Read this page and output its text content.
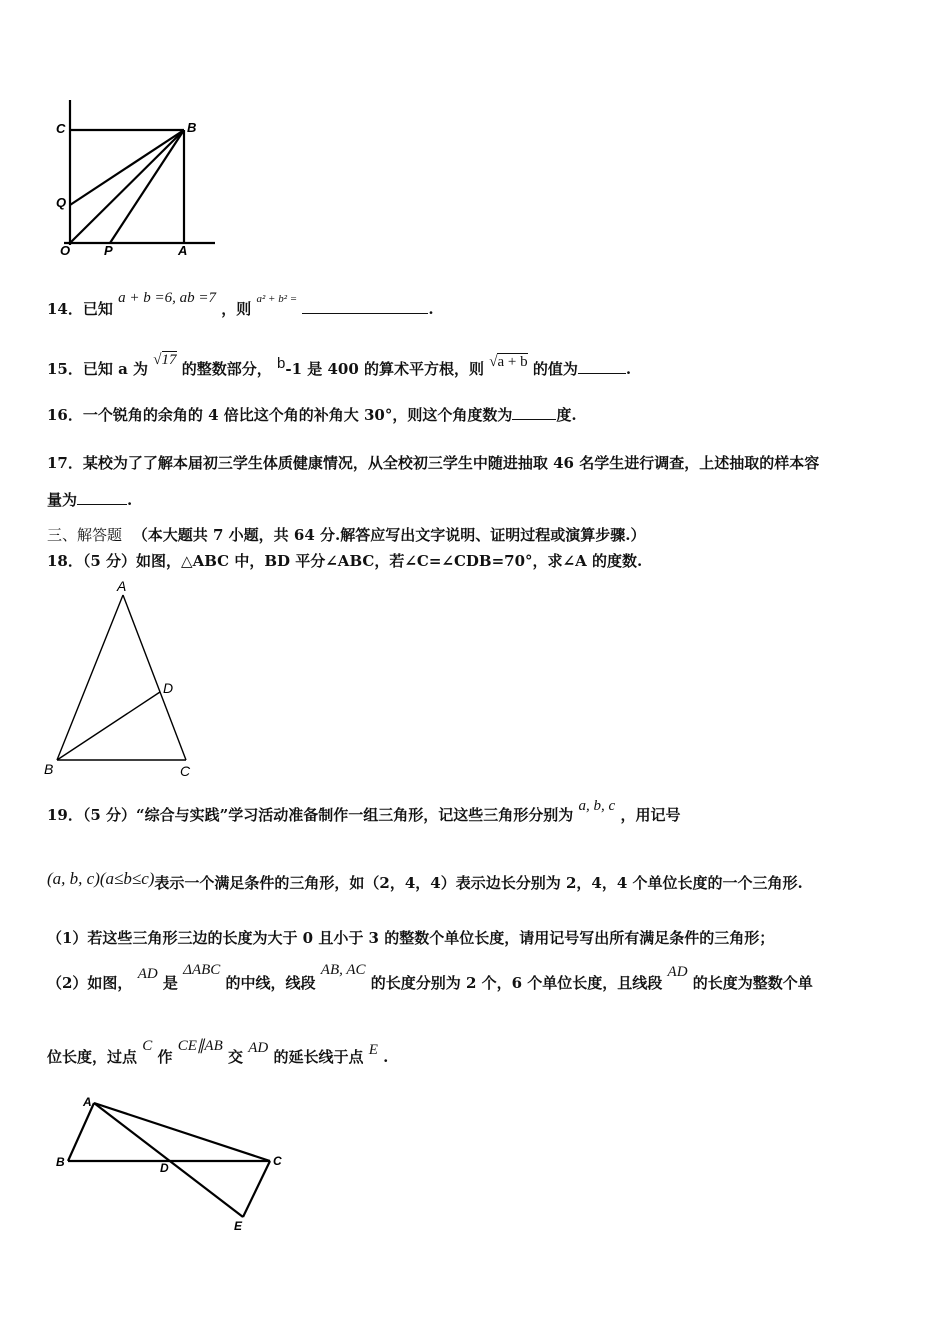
C	B
Q
O	P	A
14．已知 a + b =6, ab =7 ，则 $^{a^2 + b^2 =}$ .
15．已知 a 为 √17 的整数部分， b-1 是 400 的算术平方根，则 √a + b 的值为	.
16．一个锐角的余角的 4 倍比这个角的补角大 30°，则这个角度数为	度.
17．某校为了了解本届初三学生体质健康情况，从全校初三学生中随进抽取 46 名学生进行调查，上述抽取的样本容
量为	.
三、解答题 （本大题共 7 小题，共 64 分.解答应写出文字说明、证明过程或演算步骤.）
18．（5 分）如图，△ABC 中，BD 平分∠ABC，若∠C=∠CDB=70°，求∠A 的度数.
A
D
B	C
19．（5 分）“综合与实践”学习活动准备制作一组三角形，记这些三角形分别为 a, b, c ，用记号
(a, b, c)(a≤b≤c)表示一个满足条件的三角形，如（2，4，4）表示边长分别为 2，4，4 个单位长度的一个三角形.
（1）若这些三角形三边的长度为大于 0 且小于 3 的整数个单位长度，请用记号写出所有满足条件的三角形；
（2）如图， AD 是 ΔABC 的中线，线段 AB, AC 的长度分别为 2 个，6 个单位长度，且线段 AD 的长度为整数个单
位长度，过点 C 作 CE∥AB 交 AD 的延长线于点 E .
A
B	D	C
E
